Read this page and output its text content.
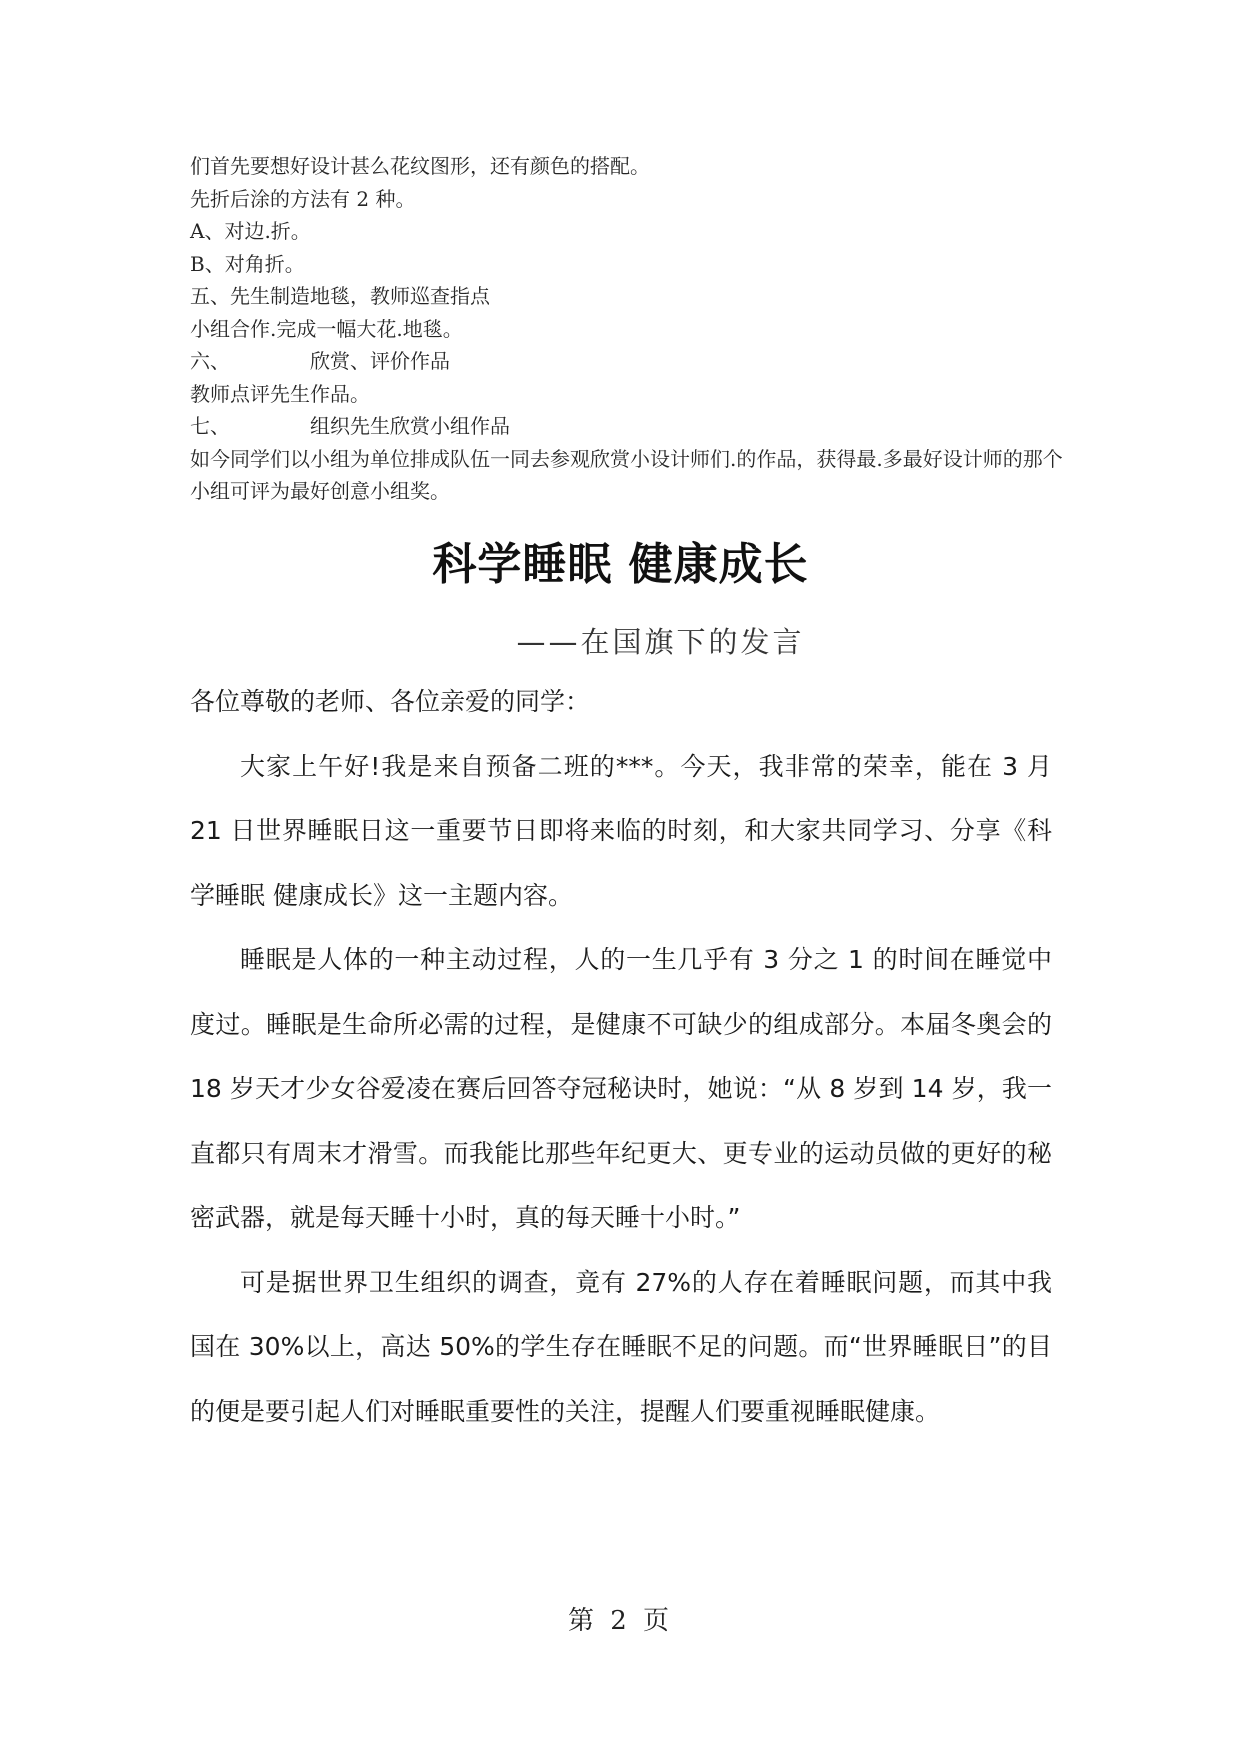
们首先要想好设计甚么花纹图形，还有颜色的搭配。
先折后涂的方法有 2 种。
A、对边.折。
B、对角折。
五、先生制造地毯，教师巡查指点
小组合作.完成一幅大花.地毯。
六、	欣赏、评价作品
教师点评先生作品。
七、	组织先生欣赏小组作品
如今同学们以小组为单位排成队伍一同去参观欣赏小设计师们.的作品，获得最.多最好设计师的那个小组可评为最好创意小组奖。
科学睡眠 健康成长
——在国旗下的发言

各位尊敬的老师、各位亲爱的同学：

大家上午好!我是来自预备二班的***。今天，我非常的荣幸，能在 3 月 21 日世界睡眠日这一重要节日即将来临的时刻，和大家共同学习、分享《科学睡眠 健康成长》这一主题内容。

睡眠是人体的一种主动过程，人的一生几乎有 3 分之 1 的时间在睡觉中度过。睡眠是生命所必需的过程，是健康不可缺少的组成部分。本届冬奥会的 18 岁天才少女谷爱凌在赛后回答夺冠秘诀时，她说：“从 8 岁到 14 岁，我一直都只有周末才滑雪。而我能比那些年纪更大、更专业的运动员做的更好的秘密武器，就是每天睡十小时，真的每天睡十小时。”

可是据世界卫生组织的调查，竟有 27%的人存在着睡眠问题，而其中我国在 30%以上，高达 50%的学生存在睡眠不足的问题。而“世界睡眠日”的目的便是要引起人们对睡眠重要性的关注，提醒人们要重视睡眠健康。

第 2 页
